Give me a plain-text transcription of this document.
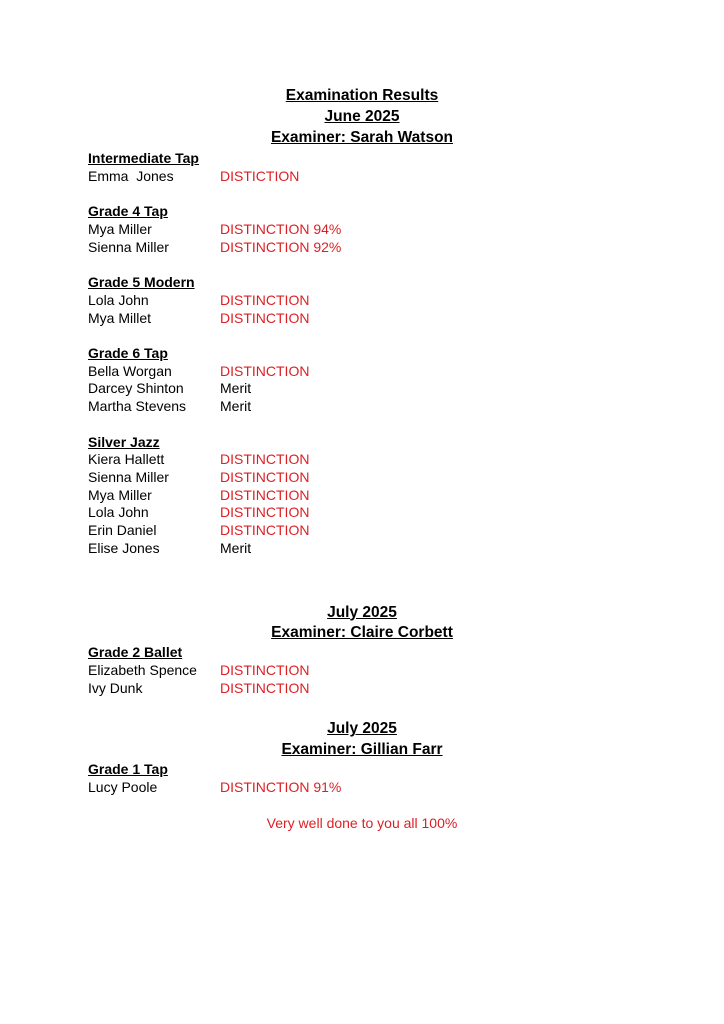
Examination Results
June 2025
Examiner: Sarah Watson
Intermediate Tap
Emma  Jones	DISTICTION
Grade 4 Tap
Mya Miller	DISTINCTION 94%
Sienna Miller	DISTINCTION 92%
Grade 5 Modern
Lola John	DISTINCTION
Mya Millet	DISTINCTION
Grade 6 Tap
Bella Worgan	DISTINCTION
Darcey Shinton	Merit
Martha Stevens Merit
Silver Jazz
Kiera Hallett	DISTINCTION
Sienna Miller	DISTINCTION
Mya Miller	DISTINCTION
Lola John	DISTINCTION
Erin Daniel	DISTINCTION
Elise Jones	Merit
July 2025
Examiner: Claire Corbett
Grade 2 Ballet
Elizabeth Spence DISTINCTION
Ivy Dunk	DISTINCTION
July 2025
Examiner: Gillian Farr
Grade 1 Tap
Lucy Poole	DISTINCTION 91%
Very well done to you all 100%
